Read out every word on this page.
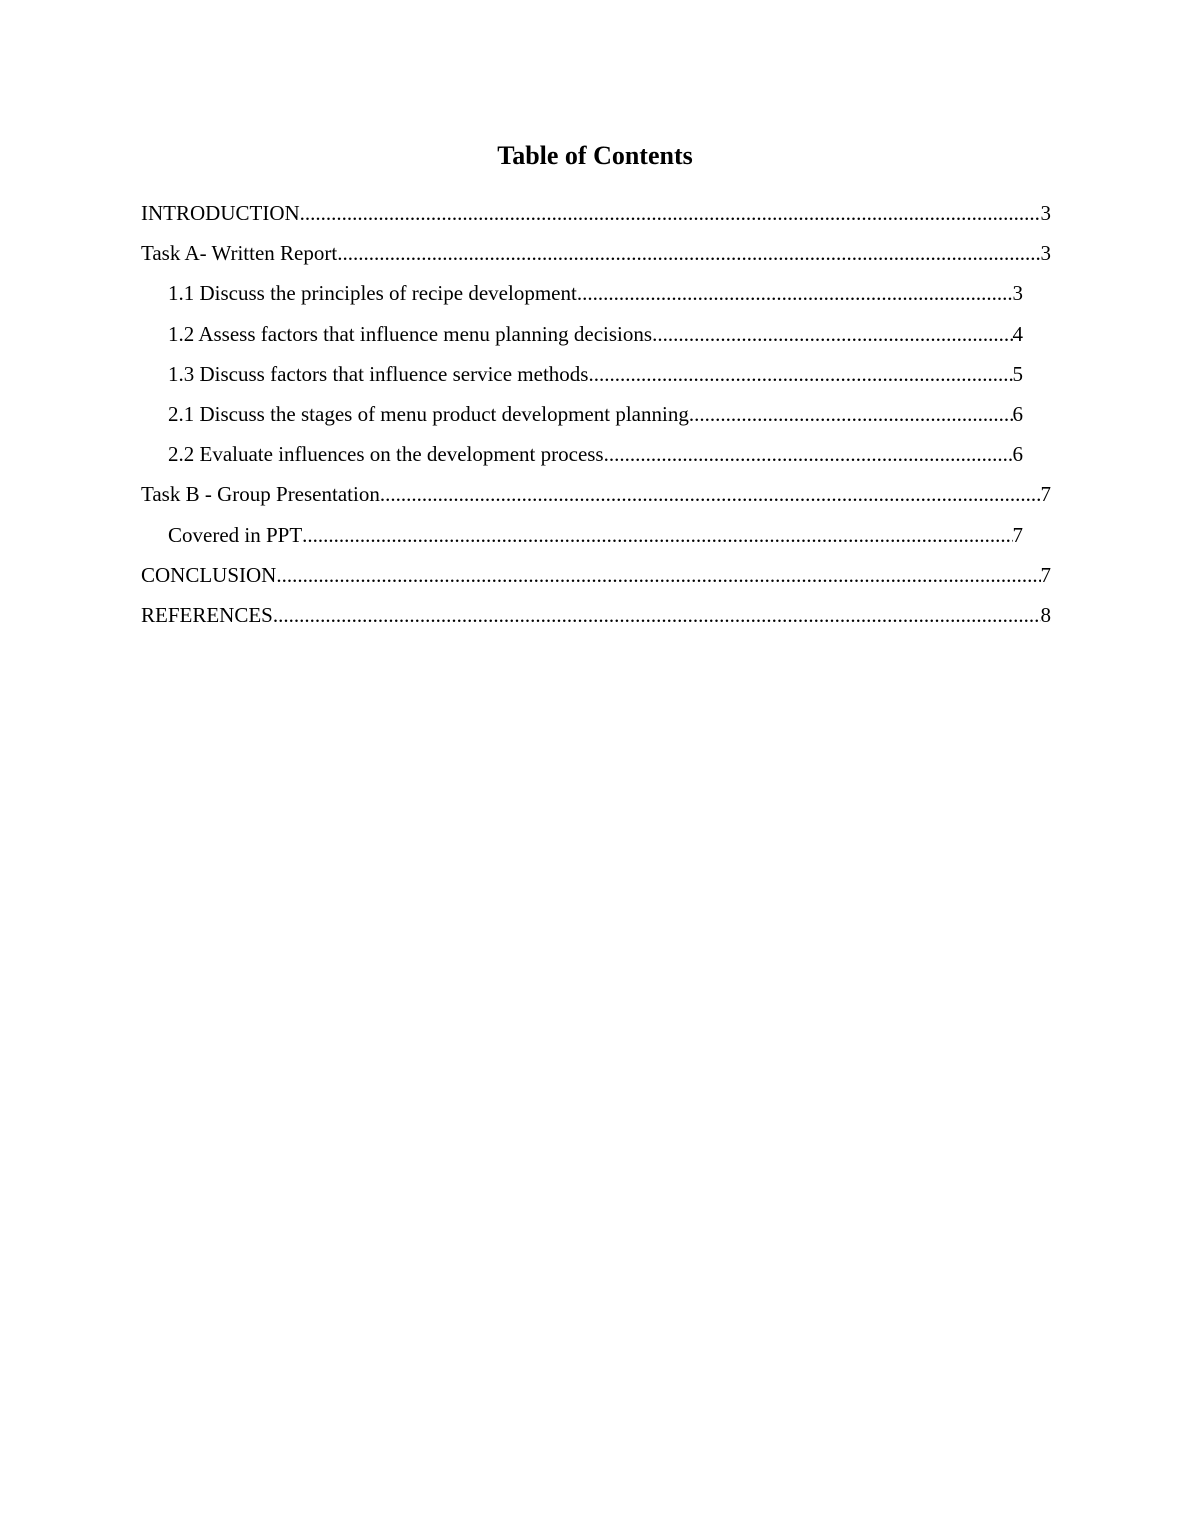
Table of Contents
INTRODUCTION .....	3
Task A- Written Report .....	3
1.1 Discuss the principles of recipe development .....	3
1.2 Assess factors that influence menu planning decisions .....	4
1.3 Discuss factors that influence service methods .....	5
2.1 Discuss the stages of menu product development planning .....	6
2.2 Evaluate influences on the development process .....	6
Task B - Group Presentation .....	7
Covered in PPT .....	7
CONCLUSION .....	7
REFERENCES .....	8
